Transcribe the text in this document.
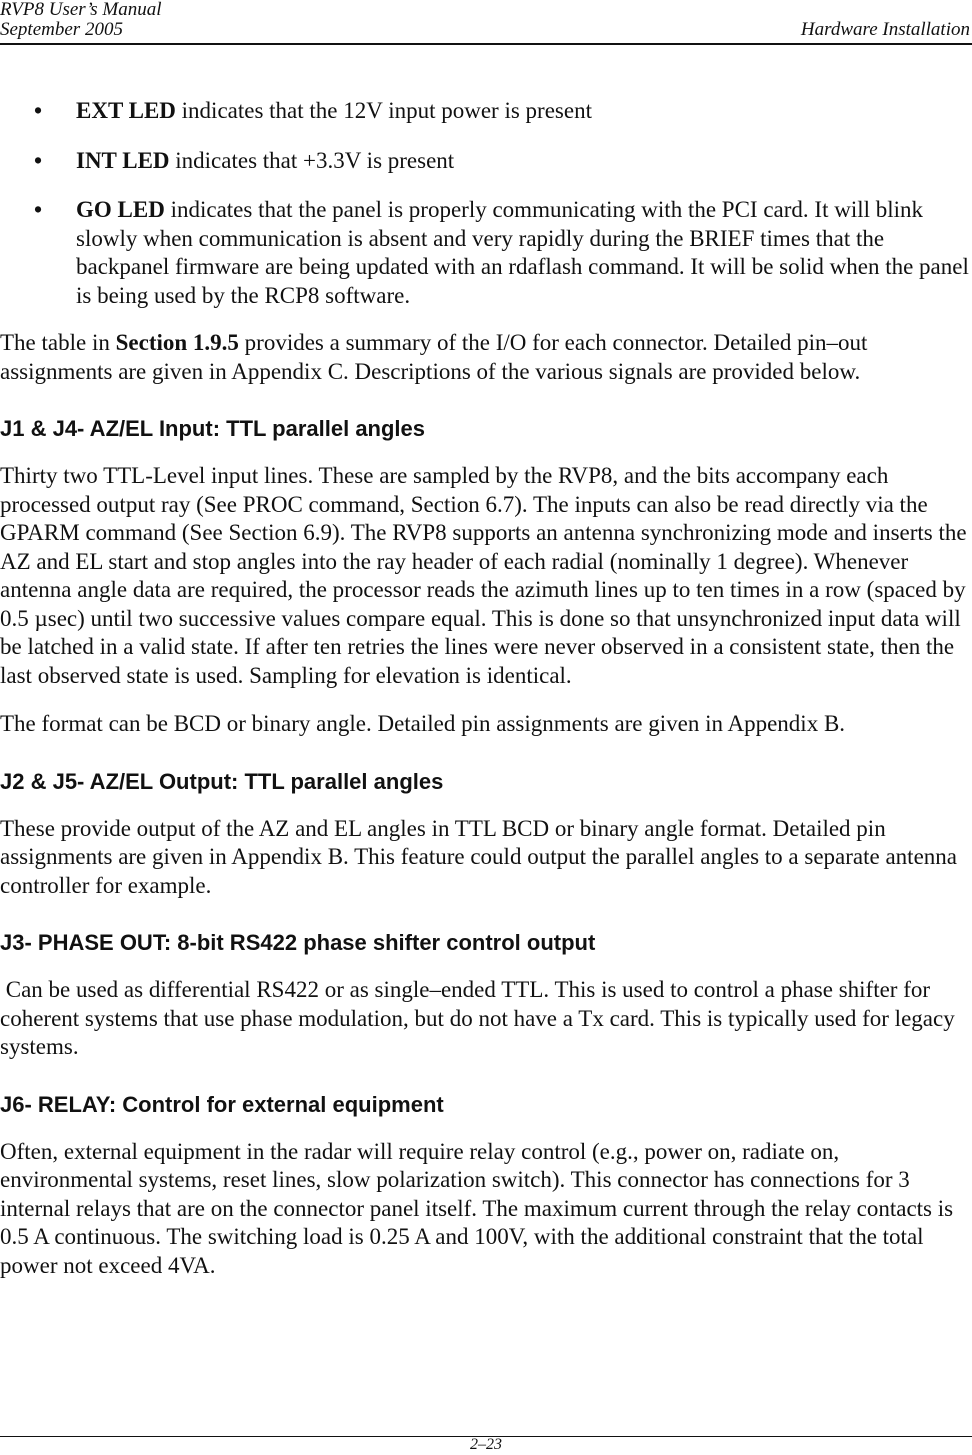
RVP8 User’s Manual
September 2005	Hardware Installation
• EXT LED indicates that the 12V input power is present
• INT LED indicates that +3.3V is present
• GO LED indicates that the panel is properly communicating with the PCI card. It will blink slowly when communication is absent and very rapidly during the BRIEF times that the backpanel firmware are being updated with an rdaflash command. It will be solid when the panel is being used by the RCP8 software.

The table in Section 1.9.5 provides a summary of the I/O for each connector. Detailed pin–out assignments are given in Appendix C. Descriptions of the various signals are provided below.

J1 & J4- AZ/EL Input: TTL parallel angles

Thirty two TTL-Level input lines. These are sampled by the RVP8, and the bits accompany each processed output ray (See PROC command, Section 6.7). The inputs can also be read directly via the GPARM command (See Section 6.9). The RVP8 supports an antenna synchronizing mode and inserts the AZ and EL start and stop angles into the ray header of each radial (nominally 1 degree). Whenever antenna angle data are required, the processor reads the azimuth lines up to ten times in a row (spaced by 0.5 µsec) until two successive values compare equal. This is done so that unsynchronized input data will be latched in a valid state. If after ten retries the lines were never observed in a consistent state, then the last observed state is used. Sampling for elevation is identical.

The format can be BCD or binary angle. Detailed pin assignments are given in Appendix B.

J2 & J5- AZ/EL Output: TTL parallel angles

These provide output of the AZ and EL angles in TTL BCD or binary angle format. Detailed pin assignments are given in Appendix B. This feature could output the parallel angles to a separate antenna controller for example.

J3- PHASE OUT: 8-bit RS422 phase shifter control output

Can be used as differential RS422 or as single–ended TTL. This is used to control a phase shifter for coherent systems that use phase modulation, but do not have a Tx card. This is typically used for legacy systems.

J6- RELAY: Control for external equipment

Often, external equipment in the radar will require relay control (e.g., power on, radiate on, environmental systems, reset lines, slow polarization switch). This connector has connections for 3 internal relays that are on the connector panel itself. The maximum current through the relay contacts is 0.5 A continuous. The switching load is 0.25 A and 100V, with the additional constraint that the total power not exceed 4VA.

2–23
